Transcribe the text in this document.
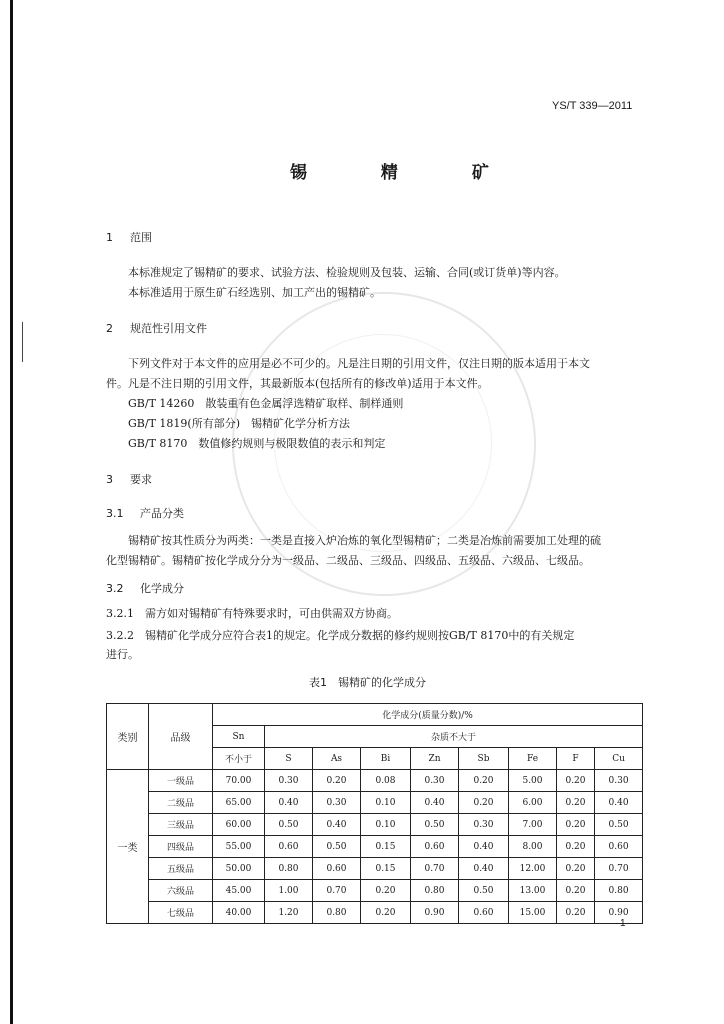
YS/T 339—2011
锡 精 矿
1 范围
本标准规定了锡精矿的要求、试验方法、检验规则及包装、运输、合同(或订货单)等内容。
本标准适用于原生矿石经选别、加工产出的锡精矿。
2 规范性引用文件
下列文件对于本文件的应用是必不可少的。凡是注日期的引用文件，仅注日期的版本适用于本文
件。凡是不注日期的引用文件，其最新版本(包括所有的修改单)适用于本文件。
GB/T 14260　散装重有色金属浮选精矿取样、制样通则
GB/T 1819(所有部分)　锡精矿化学分析方法
GB/T 8170　数值修约规则与极限数值的表示和判定
3 要求
3.1 产品分类
锡精矿按其性质分为两类：一类是直接入炉冶炼的氧化型锡精矿；二类是冶炼前需要加工处理的硫
化型锡精矿。锡精矿按化学成分分为一级品、二级品、三级品、四级品、五级品、六级品、七级品。
3.2 化学成分
3.2.1　需方如对锡精矿有特殊要求时，可由供需双方协商。
3.2.2　锡精矿化学成分应符合表1的规定。化学成分数据的修约规则按GB/T 8170中的有关规定
进行。
表1　锡精矿的化学成分
类别	品级	化学成分(质量分数)/%								
		Sn	杂质不大于							
		不小于	S	As	Bi	Zn	Sb	Fe	F	Cu
一类	一级品	70.00	0.30	0.20	0.08	0.30	0.20	5.00	0.20	0.30
	二级品	65.00	0.40	0.30	0.10	0.40	0.20	6.00	0.20	0.40
	三级品	60.00	0.50	0.40	0.10	0.50	0.30	7.00	0.20	0.50
	四级品	55.00	0.60	0.50	0.15	0.60	0.40	8.00	0.20	0.60
	五级品	50.00	0.80	0.60	0.15	0.70	0.40	12.00	0.20	0.70
	六级品	45.00	1.00	0.70	0.20	0.80	0.50	13.00	0.20	0.80
	七级品	40.00	1.20	0.80	0.20	0.90	0.60	15.00	0.20	0.90
1
